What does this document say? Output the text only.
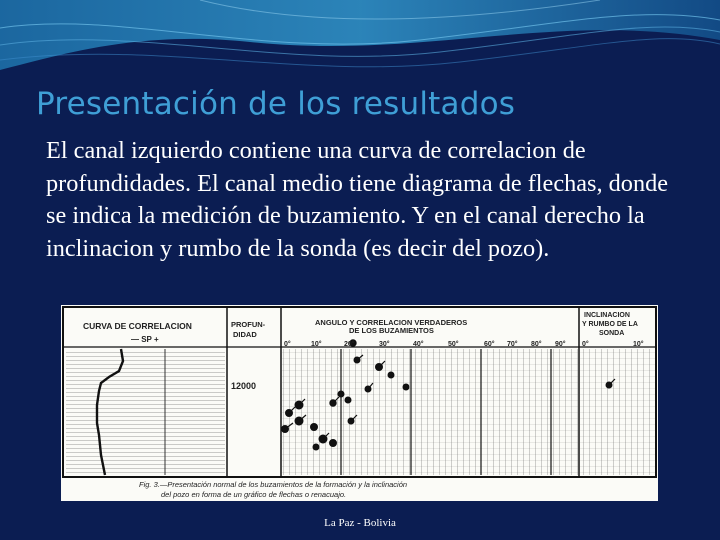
Presentación de los resultados

El canal izquierdo contiene una curva de correlacion de profundidades. El canal medio tiene diagrama de flechas, donde se indica la medición de buzamiento. Y en el canal derecho la inclinacion y rumbo de la sonda (es decir del pozo).

CURVA DE CORRELACION
— SP +
PROFUN-
DIDAD
12000
ANGULO Y CORRELACION VERDADEROS
DE LOS BUZAMIENTOS
0°	10°	20°	30°	40°	50°	60° 70° 80° 90°
INCLINACION
Y RUMBO DE LA
SONDA
0°	10°
Fig. 3.—Presentación normal de los buzamientos de la formación y la inclinación
del pozo en forma de un gráfico de flechas o renacuajo.
La Paz - Bolivia
